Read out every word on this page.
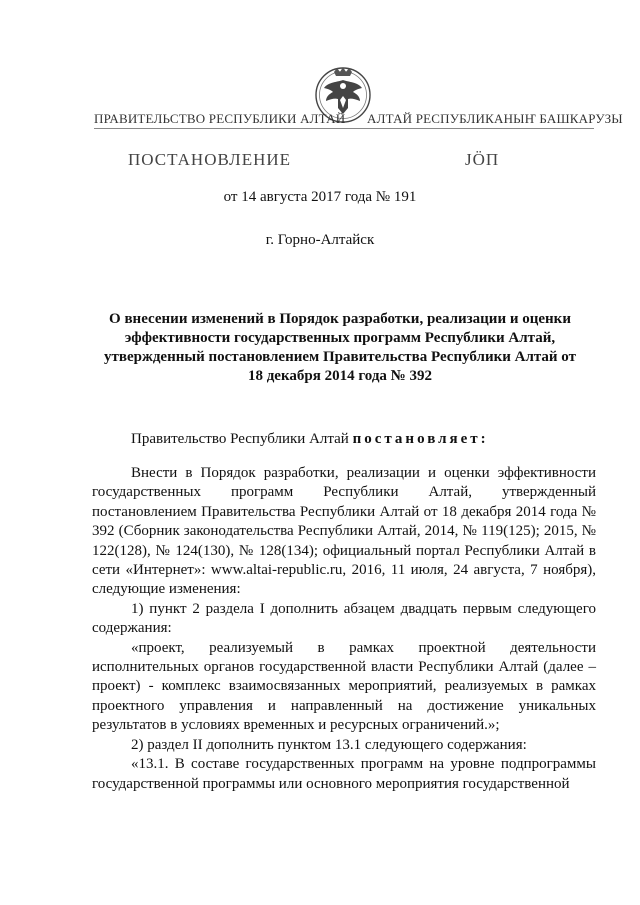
ПРАВИТЕЛЬСТВО РЕСПУБЛИКИ АЛТАЙ АЛТАЙ РЕСПУБЛИКАНЫҤ БАШКАРУЗЫ
ПОСТАНОВЛЕНИЕ	ЈÖП
от 14 августа 2017 года № 191
г. Горно-Алтайск
О внесении изменений в Порядок разработки, реализации и оценки эффективности государственных программ Республики Алтай, утвержденный постановлением Правительства Республики Алтай от 18 декабря 2014 года № 392
Правительство Республики Алтай постановляет:

Внести в Порядок разработки, реализации и оценки эффективности государственных программ Республики Алтай, утвержденный постановлением Правительства Республики Алтай от 18 декабря 2014 года № 392 (Сборник законодательства Республики Алтай, 2014, № 119(125); 2015, № 122(128), № 124(130), № 128(134); официальный портал Республики Алтай в сети «Интернет»: www.altai-republic.ru, 2016, 11 июля, 24 августа, 7 ноября), следующие изменения:

1) пункт 2 раздела I дополнить абзацем двадцать первым следующего содержания:

«проект, реализуемый в рамках проектной деятельности исполнительных органов государственной власти Республики Алтай (далее – проект) - комплекс взаимосвязанных мероприятий, реализуемых в рамках проектного управления и направленный на достижение уникальных результатов в условиях временных и ресурсных ограничений.»;

2) раздел II дополнить пунктом 13.1 следующего содержания:

«13.1. В составе государственных программ на уровне подпрограммы государственной программы или основного мероприятия государственной
